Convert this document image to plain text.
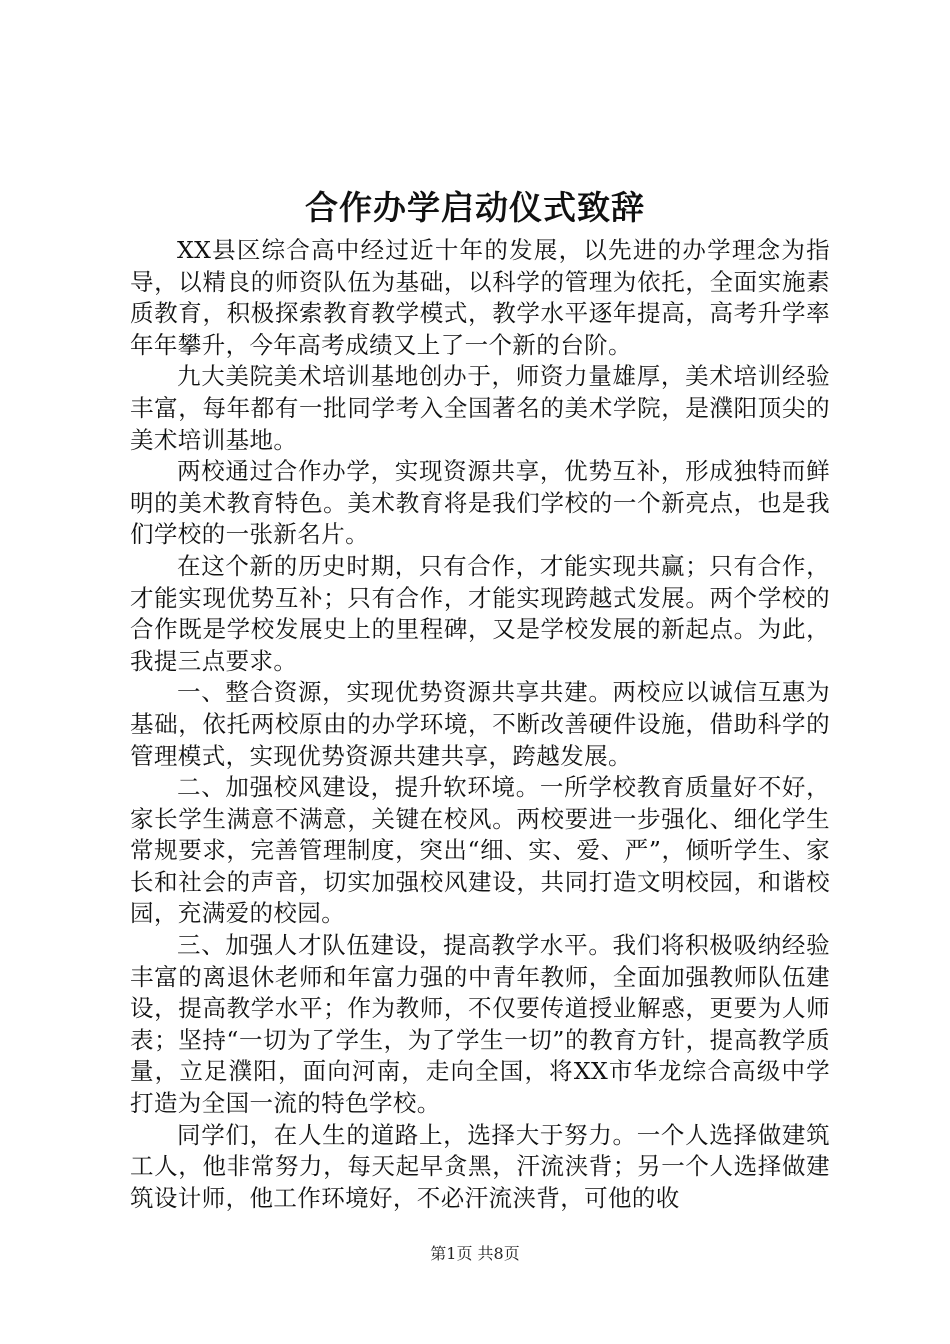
合作办学启动仪式致辞

XX县区综合高中经过近十年的发展，以先进的办学理念为指导，以精良的师资队伍为基础，以科学的管理为依托，全面实施素质教育，积极探索教育教学模式，教学水平逐年提高，高考升学率年年攀升，今年高考成绩又上了一个新的台阶。

九大美院美术培训基地创办于，师资力量雄厚，美术培训经验丰富，每年都有一批同学考入全国著名的美术学院，是濮阳顶尖的美术培训基地。

两校通过合作办学，实现资源共享，优势互补，形成独特而鲜明的美术教育特色。美术教育将是我们学校的一个新亮点，也是我们学校的一张新名片。

在这个新的历史时期，只有合作，才能实现共赢；只有合作，才能实现优势互补；只有合作，才能实现跨越式发展。两个学校的合作既是学校发展史上的里程碑，又是学校发展的新起点。为此，我提三点要求。

一、整合资源，实现优势资源共享共建。两校应以诚信互惠为基础，依托两校原由的办学环境，不断改善硬件设施，借助科学的管理模式，实现优势资源共建共享，跨越发展。

二、加强校风建设，提升软环境。一所学校教育质量好不好，家长学生满意不满意，关键在校风。两校要进一步强化、细化学生常规要求，完善管理制度，突出“细、实、爱、严”，倾听学生、家长和社会的声音，切实加强校风建设，共同打造文明校园，和谐校园，充满爱的校园。

三、加强人才队伍建设，提高教学水平。我们将积极吸纳经验丰富的离退休老师和年富力强的中青年教师，全面加强教师队伍建设，提高教学水平；作为教师，不仅要传道授业解惑，更要为人师表；坚持“一切为了学生，为了学生一切”的教育方针，提高教学质量，立足濮阳，面向河南，走向全国，将XX市华龙综合高级中学打造为全国一流的特色学校。

同学们，在人生的道路上，选择大于努力。一个人选择做建筑工人，他非常努力，每天起早贪黑，汗流浃背；另一个人选择做建筑设计师，他工作环境好，不必汗流浃背，可他的收

第1页 共8页
